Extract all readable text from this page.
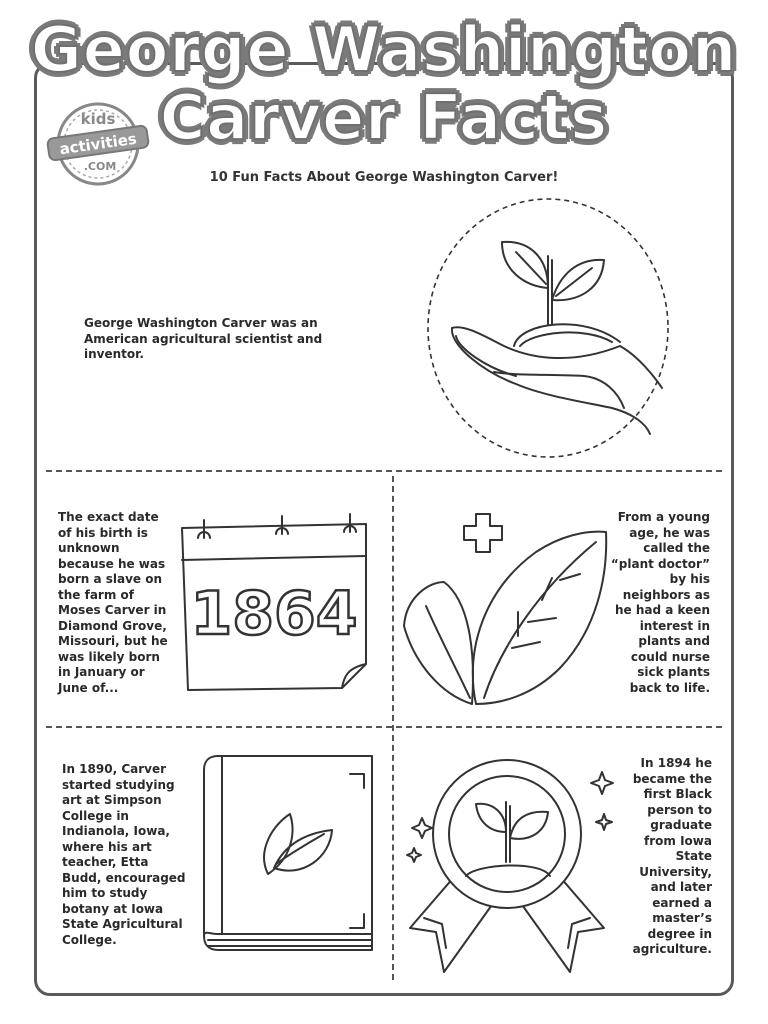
George Washington
Carver Facts
kids
activities
.COM
10 Fun Facts About George Washington Carver!
George Washington Carver was an American agricultural scientist and inventor.
The exact date of his birth is unknown because he was born a slave on the farm of Moses Carver in Diamond Grove, Missouri, but he was likely born in January or June of...
1864
From a young age, he was called the “plant doctor” by his neighbors as he had a keen interest in plants and could nurse sick plants back to life.
In 1890, Carver started studying art at Simpson College in Indianola, Iowa, where his art teacher, Etta Budd, encouraged him to study botany at Iowa State Agricultural College.
In 1894 he became the first Black person to graduate from Iowa State University, and later earned a master’s degree in agriculture.
